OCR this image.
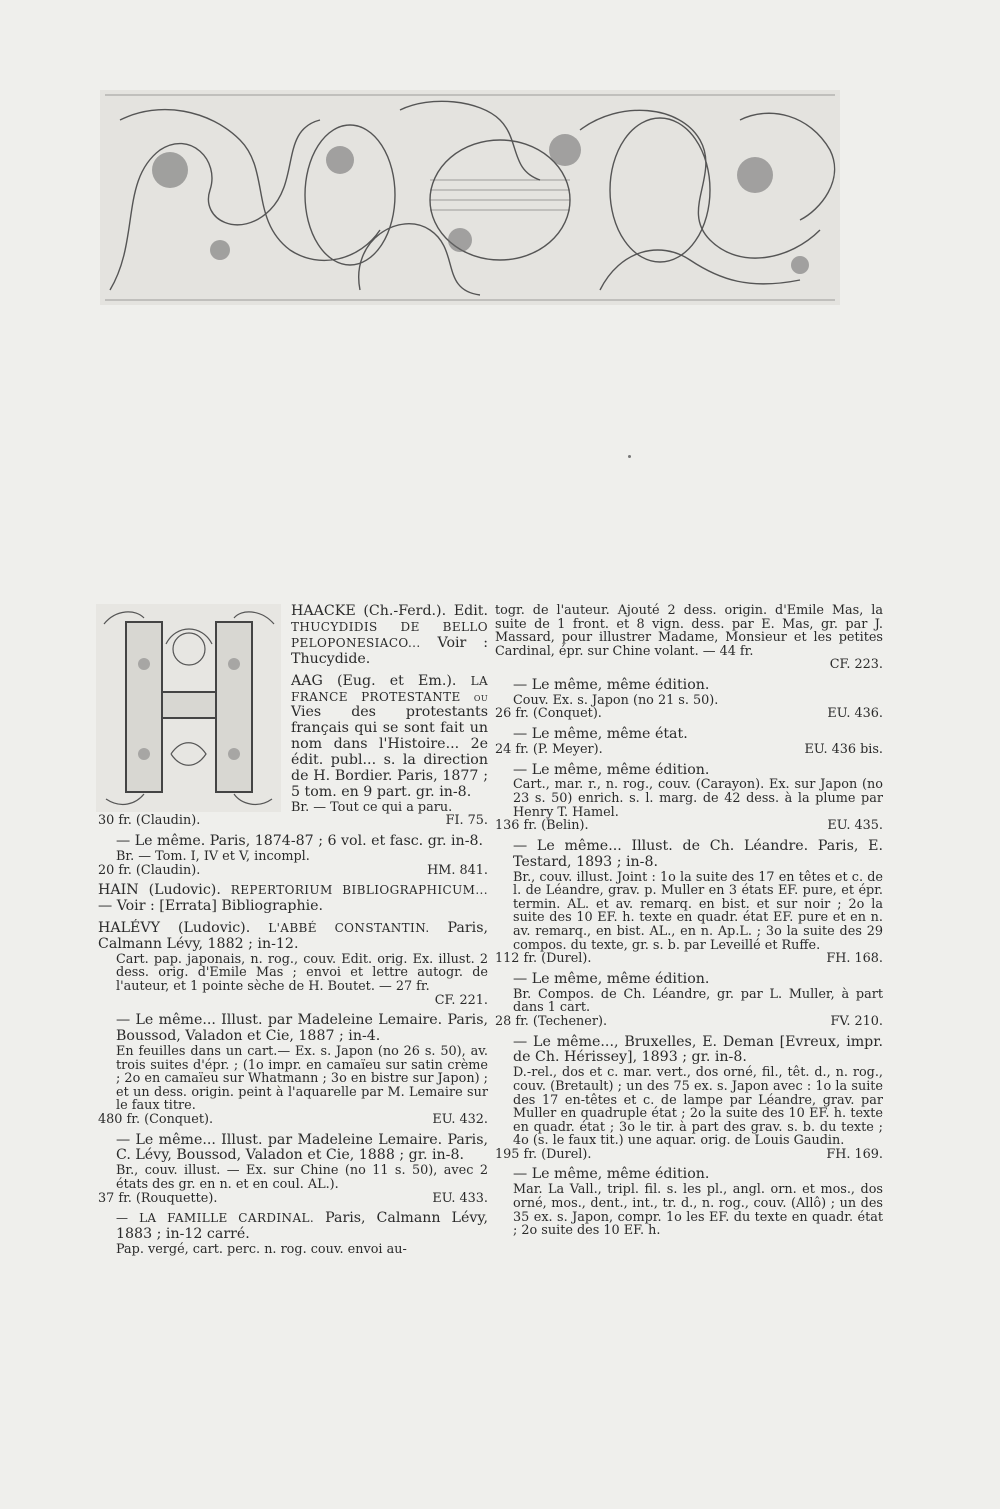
HAACKE (Ch.-Ferd.). Edit. THUCYDIDIS DE BELLO PELOPONESIACO... Voir : Thucydide.
AAG (Eug. et Em.). LA FRANCE PROTESTANTE ou Vies des protestants français qui se sont fait un nom dans l'Histoire... 2e édit. publ... s. la direction de H. Bordier. Paris, 1877 ; 5 tom. en 9 part. gr. in-8.
Br. — Tout ce qui a paru.
30 fr. (Claudin).	FI. 75.
— Le même. Paris, 1874-87 ; 6 vol. et fasc. gr. in-8.
Br. — Tom. I, IV et V, incompl.
20 fr. (Claudin).	HM. 841.
HAIN (Ludovic). REPERTORIUM BIBLIOGRAPHICUM... — Voir : [Errata] Bibliographie.
HALÉVY (Ludovic). L'ABBÉ CONSTANTIN. Paris, Calmann Lévy, 1882 ; in-12.
Cart. pap. japonais, n. rog., couv. Edit. orig. Ex. illust. 2 dess. orig. d'Emile Mas ; envoi et lettre autogr. de l'auteur, et 1 pointe sèche de H. Boutet. — 27 fr.
CF. 221.
— Le même... Illust. par Madeleine Lemaire. Paris, Boussod, Valadon et Cie, 1887 ; in-4.
En feuilles dans un cart.— Ex. s. Japon (no 26 s. 50), av. trois suites d'épr. ; (1o impr. en camaïeu sur satin crème ; 2o en camaïeu sur Whatmann ; 3o en bistre sur Japon) ; et un dess. origin. peint à l'aquarelle par M. Lemaire sur le faux titre.
480 fr. (Conquet).	EU. 432.
— Le même... Illust. par Madeleine Lemaire. Paris, C. Lévy, Boussod, Valadon et Cie, 1888 ; gr. in-8.
Br., couv. illust. — Ex. sur Chine (no 11 s. 50), avec 2 états des gr. en n. et en coul. AL.).
37 fr. (Rouquette).	EU. 433.
— LA FAMILLE CARDINAL. Paris, Calmann Lévy, 1883 ; in-12 carré.
Pap. vergé, cart. perc. n. rog. couv. envoi au-
togr. de l'auteur. Ajouté 2 dess. origin. d'Emile Mas, la suite de 1 front. et 8 vign. dess. par E. Mas, gr. par J. Massard, pour illustrer Madame, Monsieur et les petites Cardinal, épr. sur Chine volant. — 44 fr.
CF. 223.
— Le même, même édition.
Couv. Ex. s. Japon (no 21 s. 50).
26 fr. (Conquet).	EU. 436.
— Le même, même état.
24 fr. (P. Meyer).	EU. 436 bis.
— Le même, même édition.
Cart., mar. r., n. rog., couv. (Carayon). Ex. sur Japon (no 23 s. 50) enrich. s. l. marg. de 42 dess. à la plume par Henry T. Hamel.
136 fr. (Belin).	EU. 435.
— Le même... Illust. de Ch. Léandre. Paris, E. Testard, 1893 ; in-8.
Br., couv. illust. Joint : 1o la suite des 17 en têtes et c. de l. de Léandre, grav. p. Muller en 3 états EF. pure, et épr. termin. AL. et av. remarq. en bist. et sur noir ; 2o la suite des 10 EF. h. texte en quadr. état EF. pure et en n. av. remarq., en bist. AL., en n. Ap.L. ; 3o la suite des 29 compos. du texte, gr. s. b. par Leveillé et Ruffe.
112 fr. (Durel).	FH. 168.
— Le même, même édition.
Br. Compos. de Ch. Léandre, gr. par L. Muller, à part dans 1 cart.
28 fr. (Techener).	FV. 210.
— Le même..., Bruxelles, E. Deman [Evreux, impr. de Ch. Hérissey], 1893 ; gr. in-8.
D.-rel., dos et c. mar. vert., dos orné, fil., têt. d., n. rog., couv. (Bretault) ; un des 75 ex. s. Japon avec : 1o la suite des 17 en-têtes et c. de lampe par Léandre, grav. par Muller en quadruple état ; 2o la suite des 10 EF. h. texte en quadr. état ; 3o le tir. à part des grav. s. b. du texte ; 4o (s. le faux tit.) une aquar. orig. de Louis Gaudin.
195 fr. (Durel).	FH. 169.
— Le même, même édition.
Mar. La Vall., tripl. fil. s. les pl., angl. orn. et mos., dos orné, mos., dent., int., tr. d., n. rog., couv. (Allô) ; un des 35 ex. s. Japon, compr. 1o les EF. du texte en quadr. état ; 2o suite des 10 EF. h.
